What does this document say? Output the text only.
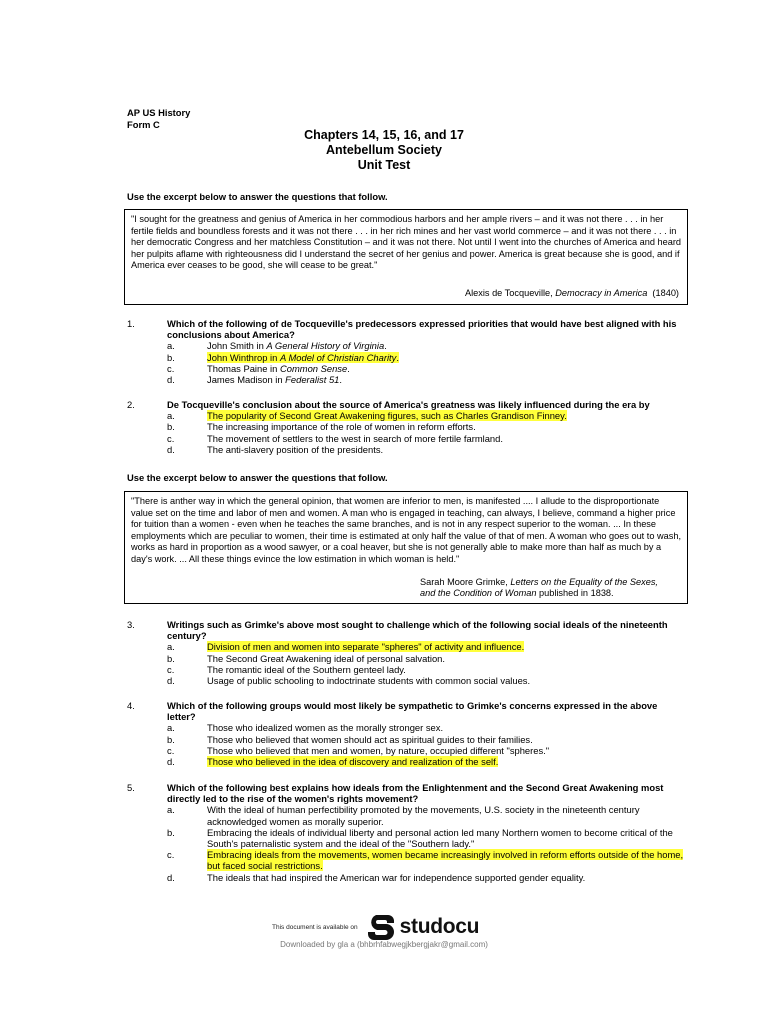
AP US History
Form C
Chapters 14, 15, 16, and 17
Antebellum Society
Unit Test
Use the excerpt below to answer the questions that follow.
"I sought for the greatness and genius of America in her commodious harbors and her ample rivers – and it was not there . . . in her fertile fields and boundless forests and it was not there . . . in her rich mines and her vast world commerce – and it was not there . . . in her democratic Congress and her matchless Constitution – and it was not there. Not until I went into the churches of America and heard her pulpits aflame with righteousness did I understand the secret of her genius and power. America is great because she is good, and if America ever ceases to be good, she will cease to be great."
Alexis de Tocqueville, Democracy in America  (1840)
1.	Which of the following of de Tocqueville's predecessors expressed priorities that would have best aligned with his conclusions about America?
a.	John Smith in A General History of Virginia.
b.	John Winthrop in A Model of Christian Charity.
c.	Thomas Paine in Common Sense.
d.	James Madison in Federalist 51.
2.	De Tocqueville's conclusion about the source of America's greatness was likely influenced during the era by
a.	The popularity of Second Great Awakening figures, such as Charles Grandison Finney.
b.	The increasing importance of the role of women in reform efforts.
c.	The movement of settlers to the west in search of more fertile farmland.
d.	The anti-slavery position of the presidents.
Use the excerpt below to answer the questions that follow.
"There is anther way in which the general opinion, that women are inferior to men, is manifested .... I allude to the disproportionate value set on the time and labor of men and women. A man who is engaged in teaching, can always, I believe, command a higher price for tuition than a women - even when he teaches the same branches, and is not in any respect superior to the woman. ... In these employments which are peculiar to women, their time is estimated at only half the value of that of men. A woman who goes out to wash, works as hard in proportion as a wood sawyer, or a coal heaver, but she is not generally able to make more than half as much by a day's work. ... All these things evince the low estimation in which woman is held."
Sarah Moore Grimke, Letters on the Equality of the Sexes,
and the Condition of Woman published in 1838.
3.	Writings such as Grimke's above most sought to challenge which of the following social ideals of the nineteenth century?
a.	Division of men and women into separate "spheres" of activity and influence.
b.	The Second Great Awakening ideal of personal salvation.
c.	The romantic ideal of the Southern genteel lady.
d.	Usage of public schooling to indoctrinate students with common social values.
4.	Which of the following groups would most likely be sympathetic to Grimke's concerns expressed in the above letter?
a.	Those who idealized women as the morally stronger sex.
b.	Those who believed that women should act as spiritual guides to their families.
c.	Those who believed that men and women, by nature, occupied different "spheres."
d.	Those who believed in the idea of discovery and realization of the self.
5.	Which of the following best explains how ideals from the Enlightenment and the Second Great Awakening most directly led to the rise of the women's rights movement?
a.	With the ideal of human perfectibility promoted by the movements, U.S. society in the nineteenth century acknowledged women as morally superior.
b.	Embracing the ideals of individual liberty and personal action led many Northern women to become critical of the South's paternalistic system and the ideal of the "Southern lady."
c.	Embracing ideals from the movements, women became increasingly involved in reform efforts outside of the home, but faced social restrictions.
d.	The ideals that had inspired the American war for independence supported gender equality.
This document is available on studocu
Downloaded by gla a (bhbrhfabwegjkbergjakr@gmail.com)
